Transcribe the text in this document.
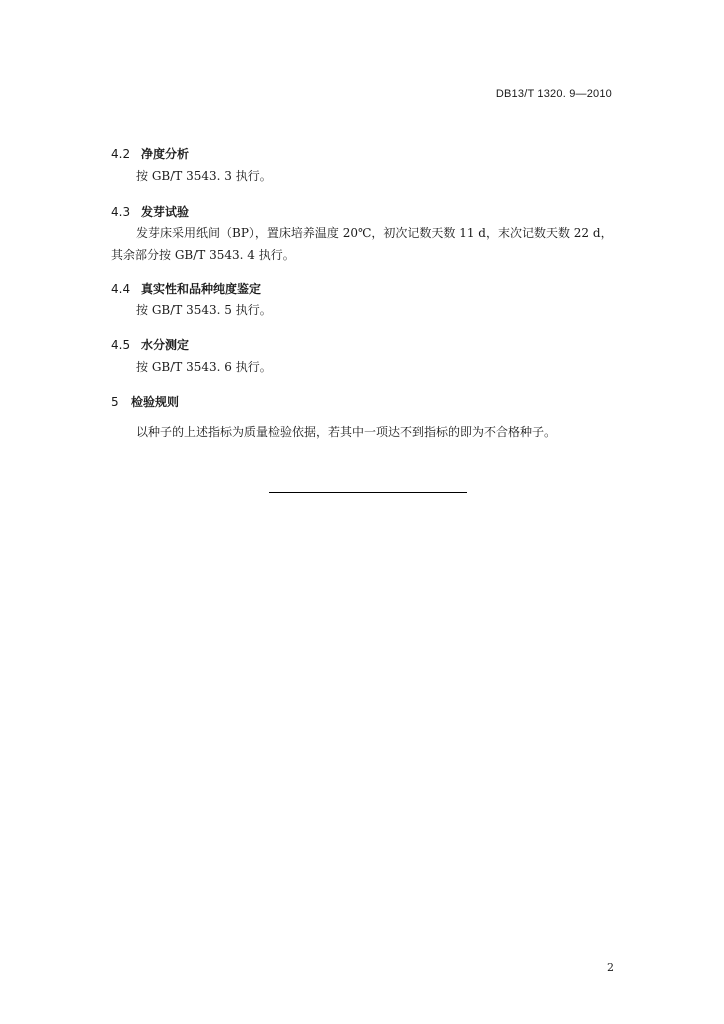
DB13/T 1320. 9—2010
4.2 净度分析
按 GB/T 3543. 3 执行。
4.3 发芽试验
发芽床采用纸间（BP），置床培养温度 20℃，初次记数天数 11 d，末次记数天数 22 d，
其余部分按 GB/T 3543. 4 执行。
4.4 真实性和品种纯度鉴定
按 GB/T 3543. 5 执行。
4.5 水分测定
按 GB/T 3543. 6 执行。
5 检验规则
以种子的上述指标为质量检验依据，若其中一项达不到指标的即为不合格种子。
2
